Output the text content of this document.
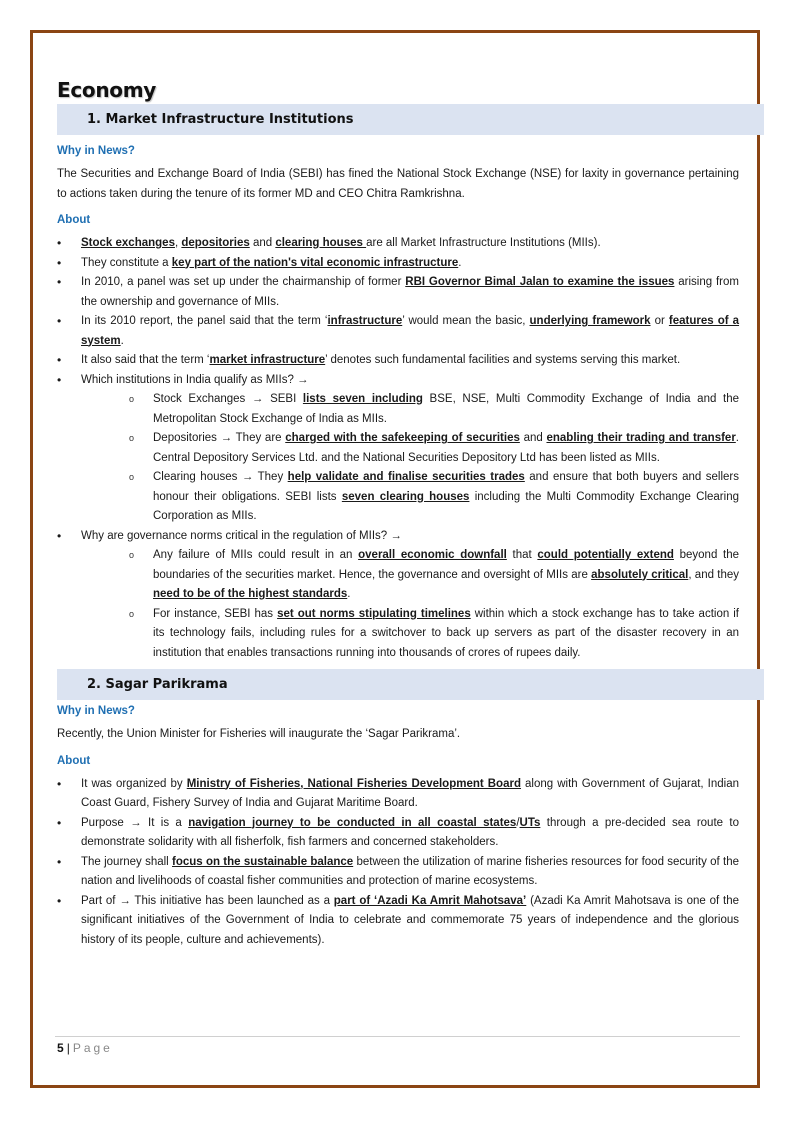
Economy
1. Market Infrastructure Institutions
Why in News?

The Securities and Exchange Board of India (SEBI) has fined the National Stock Exchange (NSE) for laxity in governance pertaining to actions taken during the tenure of its former MD and CEO Chitra Ramkrishna.

About
• Stock exchanges, depositories and clearing houses are all Market Infrastructure Institutions (MIIs).
• They constitute a key part of the nation's vital economic infrastructure.
• In 2010, a panel was set up under the chairmanship of former RBI Governor Bimal Jalan to examine the issues arising from the ownership and governance of MIIs.
• In its 2010 report, the panel said that the term ‘infrastructure’ would mean the basic, underlying framework or features of a system.
• It also said that the term ‘market infrastructure’ denotes such fundamental facilities and systems serving this market.
• Which institutions in India qualify as MIIs? →
o Stock Exchanges → SEBI lists seven including BSE, NSE, Multi Commodity Exchange of India and the Metropolitan Stock Exchange of India as MIIs.
o Depositories → They are charged with the safekeeping of securities and enabling their trading and transfer. Central Depository Services Ltd. and the National Securities Depository Ltd has been listed as MIIs.
o Clearing houses → They help validate and finalise securities trades and ensure that both buyers and sellers honour their obligations. SEBI lists seven clearing houses including the Multi Commodity Exchange Clearing Corporation as MIIs.
• Why are governance norms critical in the regulation of MIIs? →
o Any failure of MIIs could result in an overall economic downfall that could potentially extend beyond the boundaries of the securities market. Hence, the governance and oversight of MIIs are absolutely critical, and they need to be of the highest standards.
o For instance, SEBI has set out norms stipulating timelines within which a stock exchange has to take action if its technology fails, including rules for a switchover to back up servers as part of the disaster recovery in an institution that enables transactions running into thousands of crores of rupees daily.
2. Sagar Parikrama
Why in News?

Recently, the Union Minister for Fisheries will inaugurate the ‘Sagar Parikrama’.

About
• It was organized by Ministry of Fisheries, National Fisheries Development Board along with Government of Gujarat, Indian Coast Guard, Fishery Survey of India and Gujarat Maritime Board.
• Purpose → It is a navigation journey to be conducted in all coastal states/UTs through a pre-decided sea route to demonstrate solidarity with all fisherfolk, fish farmers and concerned stakeholders.
• The journey shall focus on the sustainable balance between the utilization of marine fisheries resources for food security of the nation and livelihoods of coastal fisher communities and protection of marine ecosystems.
• Part of → This initiative has been launched as a part of ‘Azadi Ka Amrit Mahotsava’ (Azadi Ka Amrit Mahotsava is one of the significant initiatives of the Government of India to celebrate and commemorate 75 years of independence and the glorious history of its people, culture and achievements).
5 | Page
